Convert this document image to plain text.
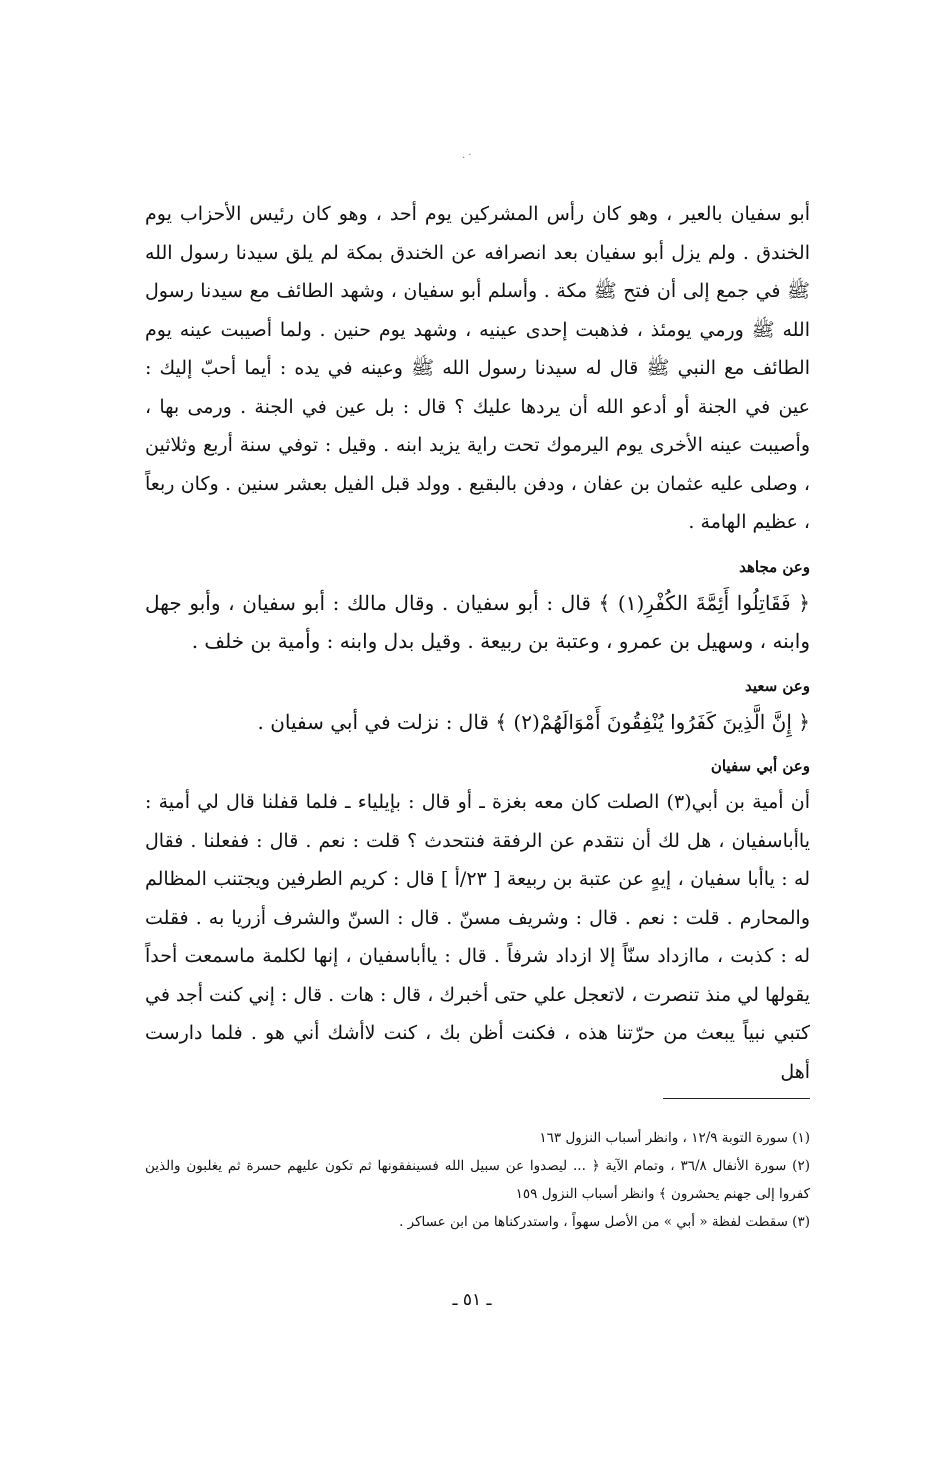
· .

أبو سفيان بالعير ، وهو كان رأس المشركين يوم أحد ، وهو كان رئيس الأحزاب يوم الخندق . ولم يزل أبو سفيان بعد انصرافه عن الخندق بمكة لم يلق سيدنا رسول الله ﷺ في جمع إلى أن فتح ﷺ مكة . وأسلم أبو سفيان ، وشهد الطائف مع سيدنا رسول الله ﷺ ورمي يومئذ ، فذهبت إحدى عينيه ، وشهد يوم حنين . ولما أصيبت عينه يوم الطائف مع النبي ﷺ قال له سيدنا رسول الله ﷺ وعينه في يده : أيما أحبّ إليك : عين في الجنة أو أدعو الله أن يردها عليك ؟ قال : بل عين في الجنة . ورمى بها ، وأصيبت عينه الأخرى يوم اليرموك تحت راية يزيد ابنه . وقيل : توفي سنة أربع وثلاثين ، وصلى عليه عثمان بن عفان ، ودفن بالبقيع . وولد قبل الفيل بعشر سنين . وكان ربعاً ، عظيم الهامة .

وعن مجاهد

﴿ فَقَاتِلُوا أَئِمَّةَ الكُفْرِ(١) ﴾ قال : أبو سفيان . وقال مالك : أبو سفيان ، وأبو جهل وابنه ، وسهيل بن عمرو ، وعتبة بن ربيعة . وقيل بدل وابنه : وأمية بن خلف .

وعن سعيد

﴿ إِنَّ الَّذِينَ كَفَرُوا يُنْفِقُونَ أَمْوَالَهُمْ(٢) ﴾ قال : نزلت في أبي سفيان .

وعن أبي سفيان

أن أمية بن أبي(٣) الصلت كان معه بغزة ـ أو قال : بإيلياء ـ فلما قفلنا قال لي أمية : ياأباسفيان ، هل لك أن نتقدم عن الرفقة فنتحدث ؟ قلت : نعم . قال : ففعلنا . فقال له : ياأبا سفيان ، إيهٍ عن عتبة بن ربيعة [ ٢٣/أ ] قال : كريم الطرفين ويجتنب المظالم والمحارم . قلت : نعم . قال : وشريف مسنّ . قال : السنّ والشرف أزريا به . فقلت له : كذبت ، ماازداد سنّاً إلا ازداد شرفاً . قال : ياأباسفيان ، إنها لكلمة ماسمعت أحداً يقولها لي منذ تنصرت ، لاتعجل علي حتى أخبرك ، قال : هات . قال : إني كنت أجد في كتبي نبياً يبعث من حرّتنا هذه ، فكنت أظن بك ، كنت لاأشك أني هو . فلما دارست أهل

(١) سورة التوبة ١٢/٩ ، وانظر أسباب النزول ١٦٣

(٢) سورة الأنفال ٣٦/٨ ، وتمام الآية ﴿ ... ليصدوا عن سبيل الله فسينفقونها ثم تكون عليهم حسرة ثم يغلبون والذين كفروا إلى جهنم يحشرون ﴾ وانظر أسباب النزول ١٥٩

(٣) سقطت لفظة « أبي » من الأصل سهواً ، واستدركناها من ابن عساكر .

ـ ٥١ ـ
